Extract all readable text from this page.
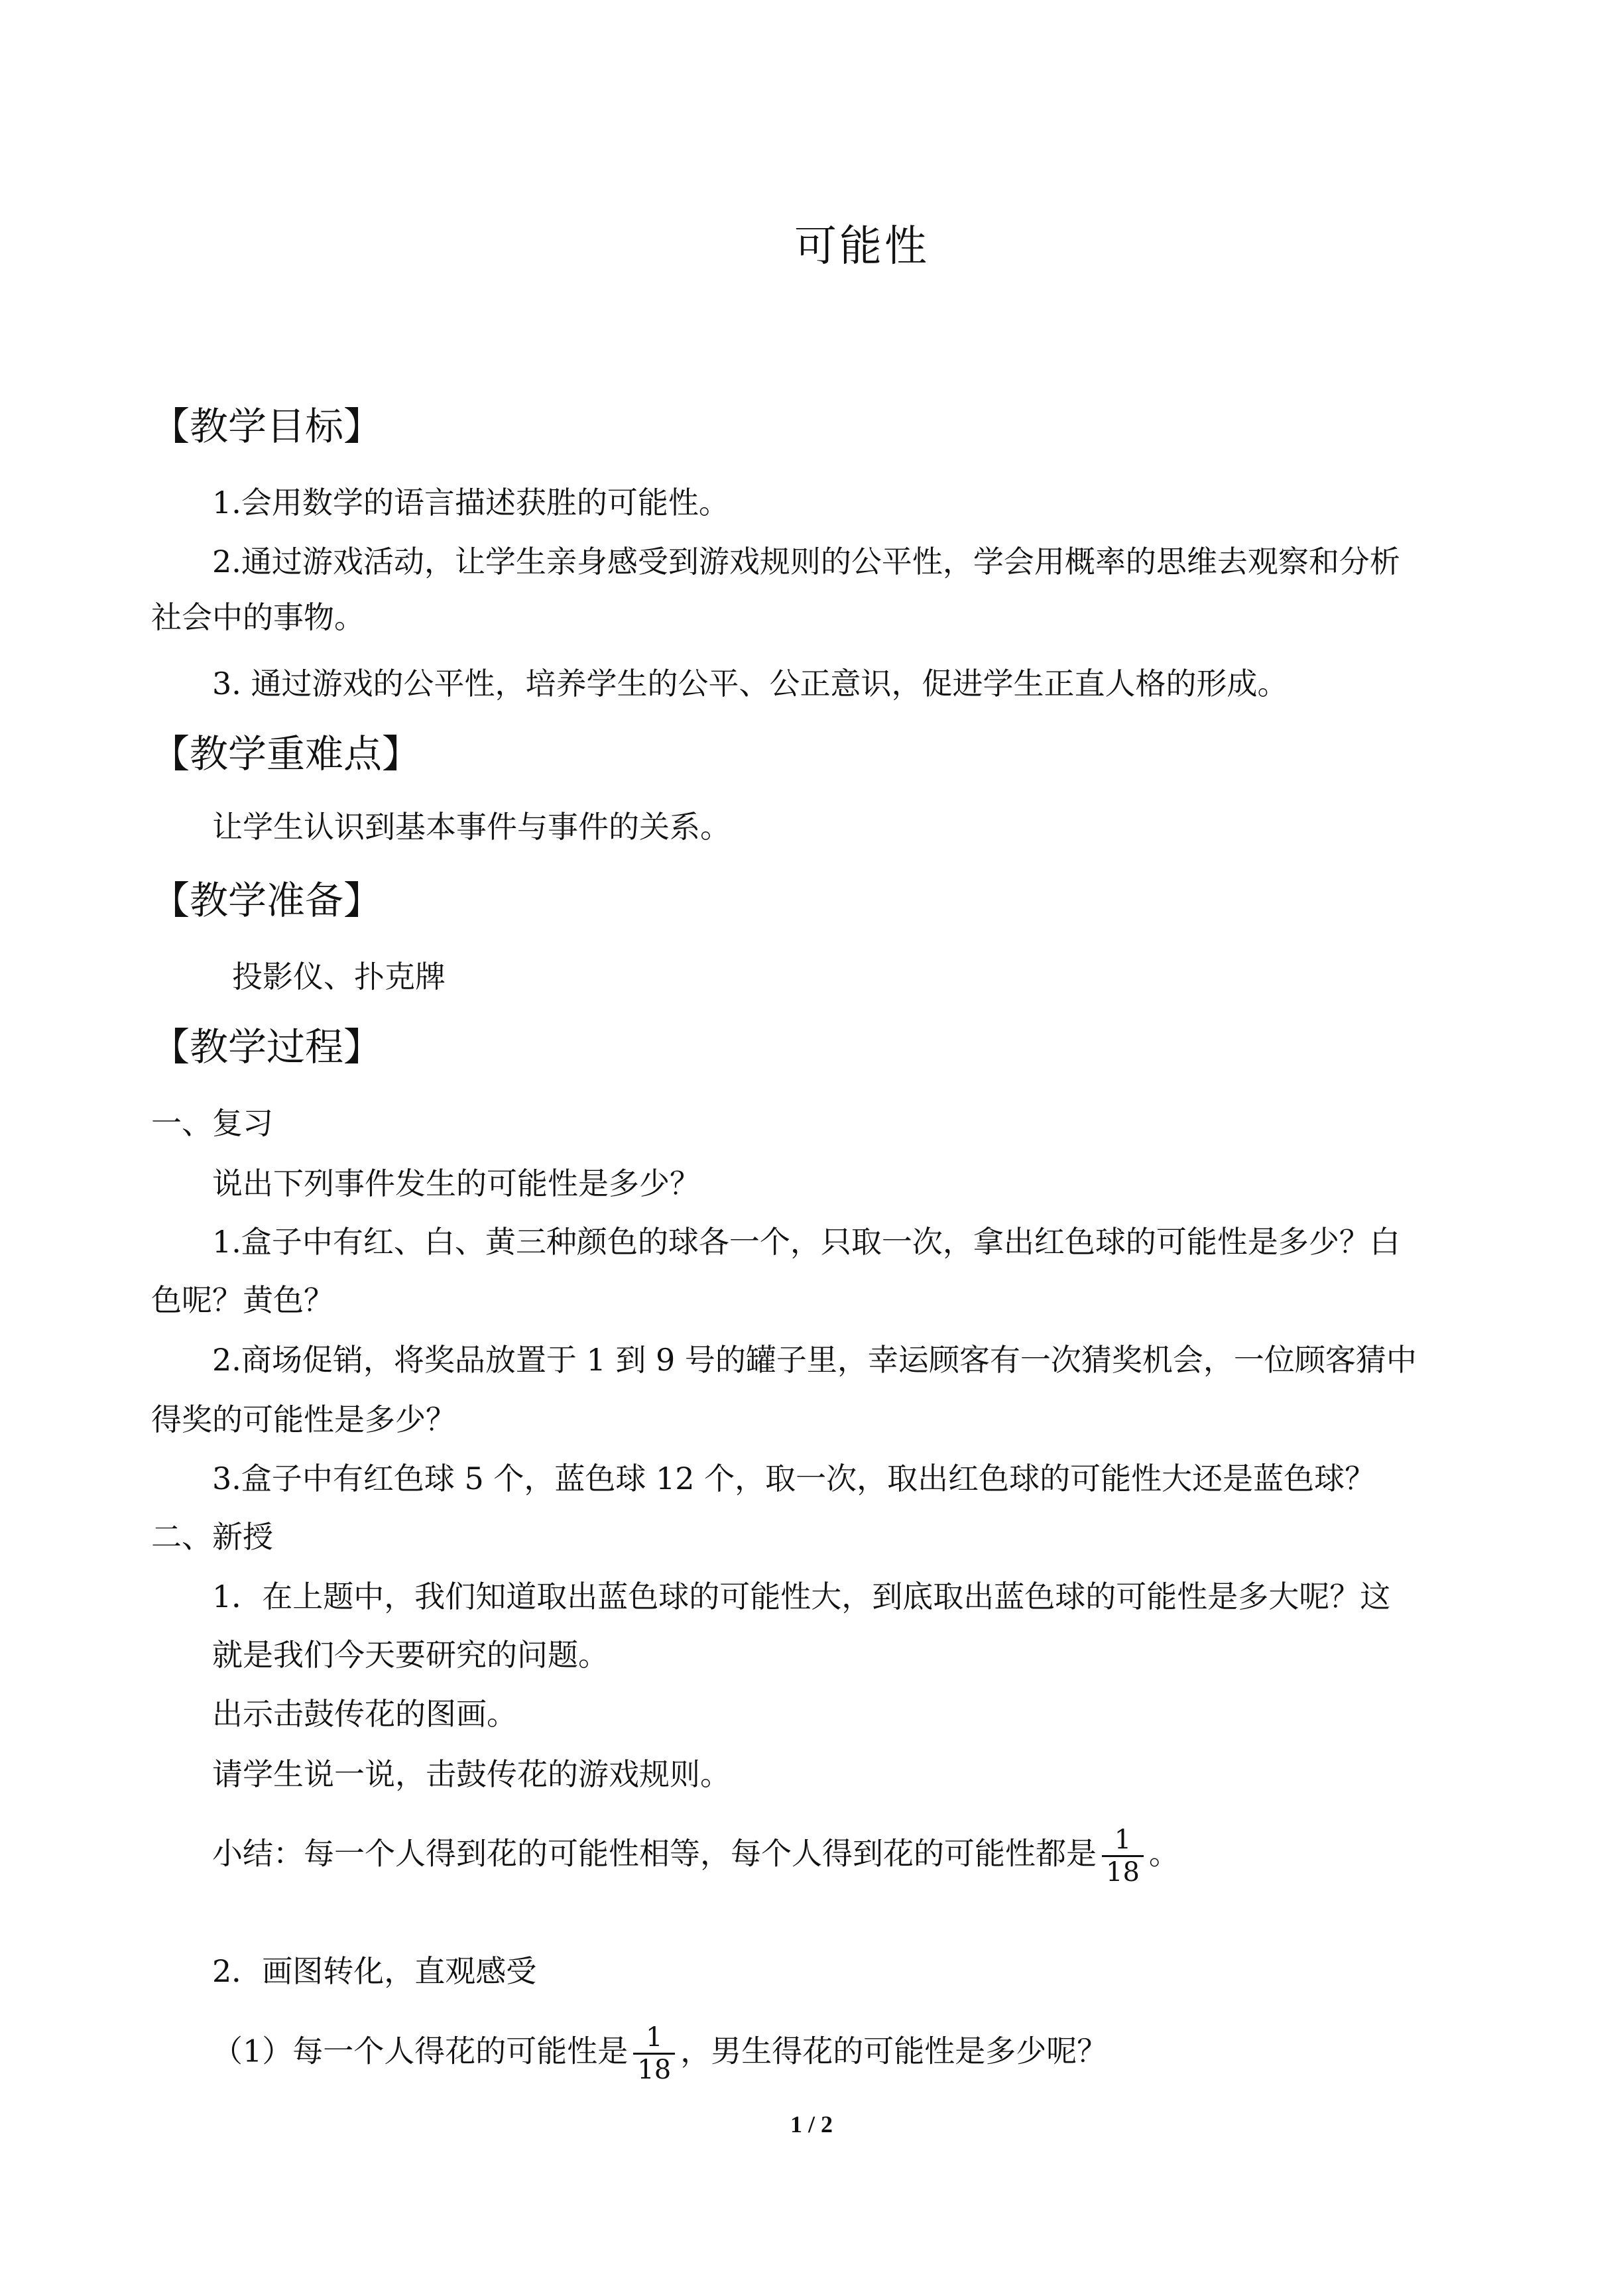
可能性
【教学目标】
1.会用数学的语言描述获胜的可能性。
2.通过游戏活动，让学生亲身感受到游戏规则的公平性，学会用概率的思维去观察和分析
社会中的事物。
3. 通过游戏的公平性，培养学生的公平、公正意识，促进学生正直人格的形成。
【教学重难点】
让学生认识到基本事件与事件的关系。
【教学准备】
投影仪、扑克牌
【教学过程】
一、复习
说出下列事件发生的可能性是多少？
1.盒子中有红、白、黄三种颜色的球各一个，只取一次，拿出红色球的可能性是多少？白
色呢？黄色？
2.商场促销，将奖品放置于 1 到 9 号的罐子里，幸运顾客有一次猜奖机会，一位顾客猜中
得奖的可能性是多少？
3.盒子中有红色球 5 个，蓝色球 12 个，取一次，取出红色球的可能性大还是蓝色球？
二、新授
1．在上题中，我们知道取出蓝色球的可能性大，到底取出蓝色球的可能性是多大呢？这
就是我们今天要研究的问题。
出示击鼓传花的图画。
请学生说一说，击鼓传花的游戏规则。
小结：每一个人得到花的可能性相等，每个人得到花的可能性都是 $\frac{1}{18}$ 。
2．画图转化，直观感受
（1）每一个人得花的可能性是 $\frac{1}{18}$ ，男生得花的可能性是多少呢？
1 / 2
